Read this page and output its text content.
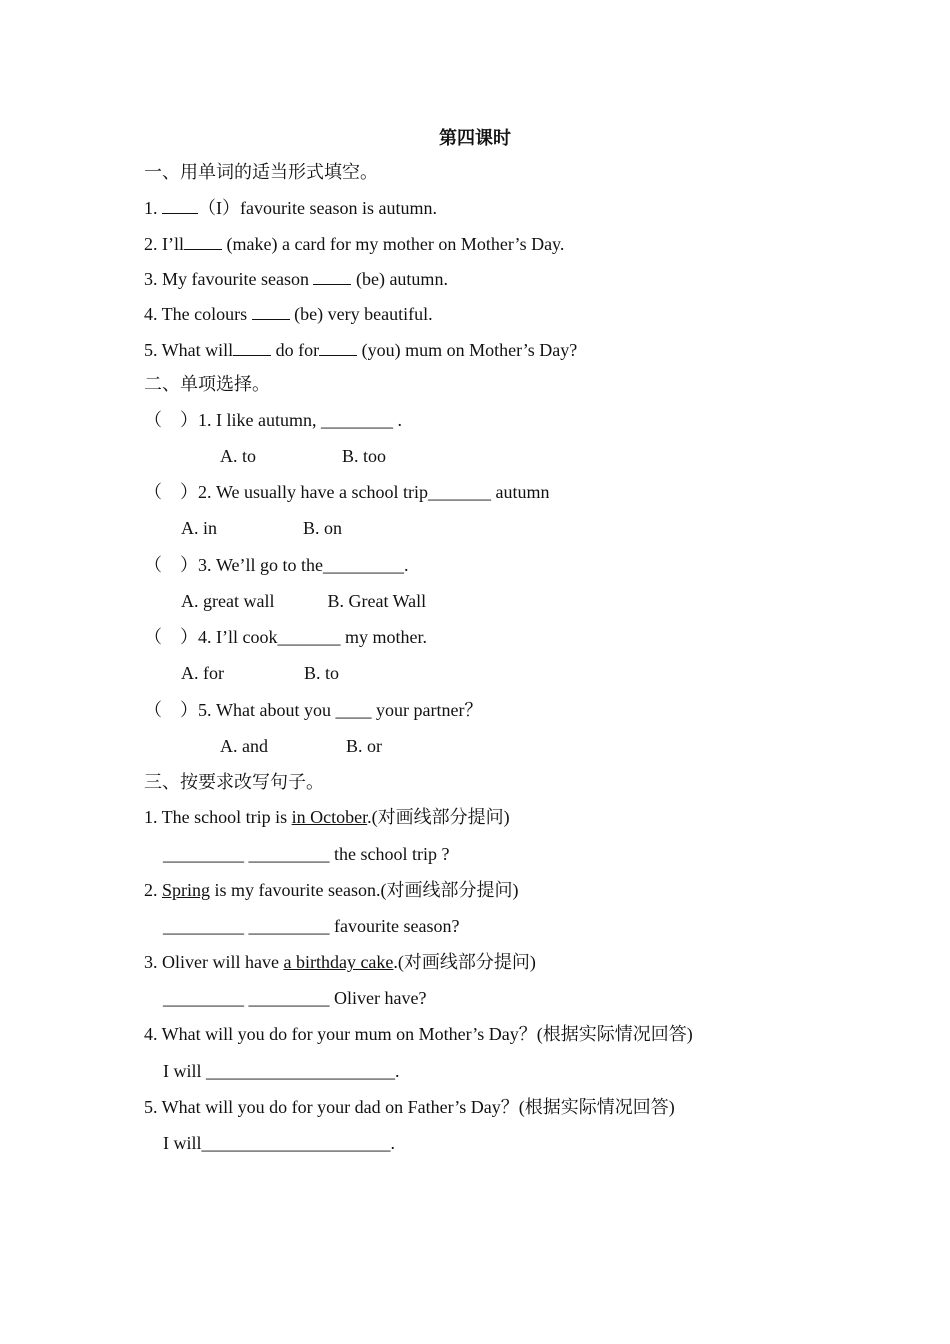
第四课时
一、用单词的适当形式填空。
1. （I）favourite season is autumn.
2. I’ll (make) a card for my mother on Mother’s Day.
3. My favourite season  (be) autumn.
4. The colours  (be) very beautiful.
5. What will do for (you) mum on Mother’s Day?
二、单项选择。
（    ）1. I like autumn, ________ .
A. to	B. too
（    ）2. We usually have a school trip_______ autumn
A. in	B. on
（    ）3. We’ll go to the_________.
A. great wall	B. Great Wall
（    ）4. I’ll cook_______ my mother.
A. for	B. to
（    ）5. What about you ____ your partner？
A. and	B. or
三、按要求改写句子。
1. The school trip is in October.(对画线部分提问)
_________ _________ the school trip ?
2. Spring is my favourite season.(对画线部分提问)
_________ _________ favourite season?
3. Oliver will have a birthday cake.(对画线部分提问)
_________ _________ Oliver have?
4. What will you do for your mum on Mother’s Day？(根据实际情况回答)
I will _____________________.
5. What will you do for your dad on Father’s Day？(根据实际情况回答)
I will_____________________.
